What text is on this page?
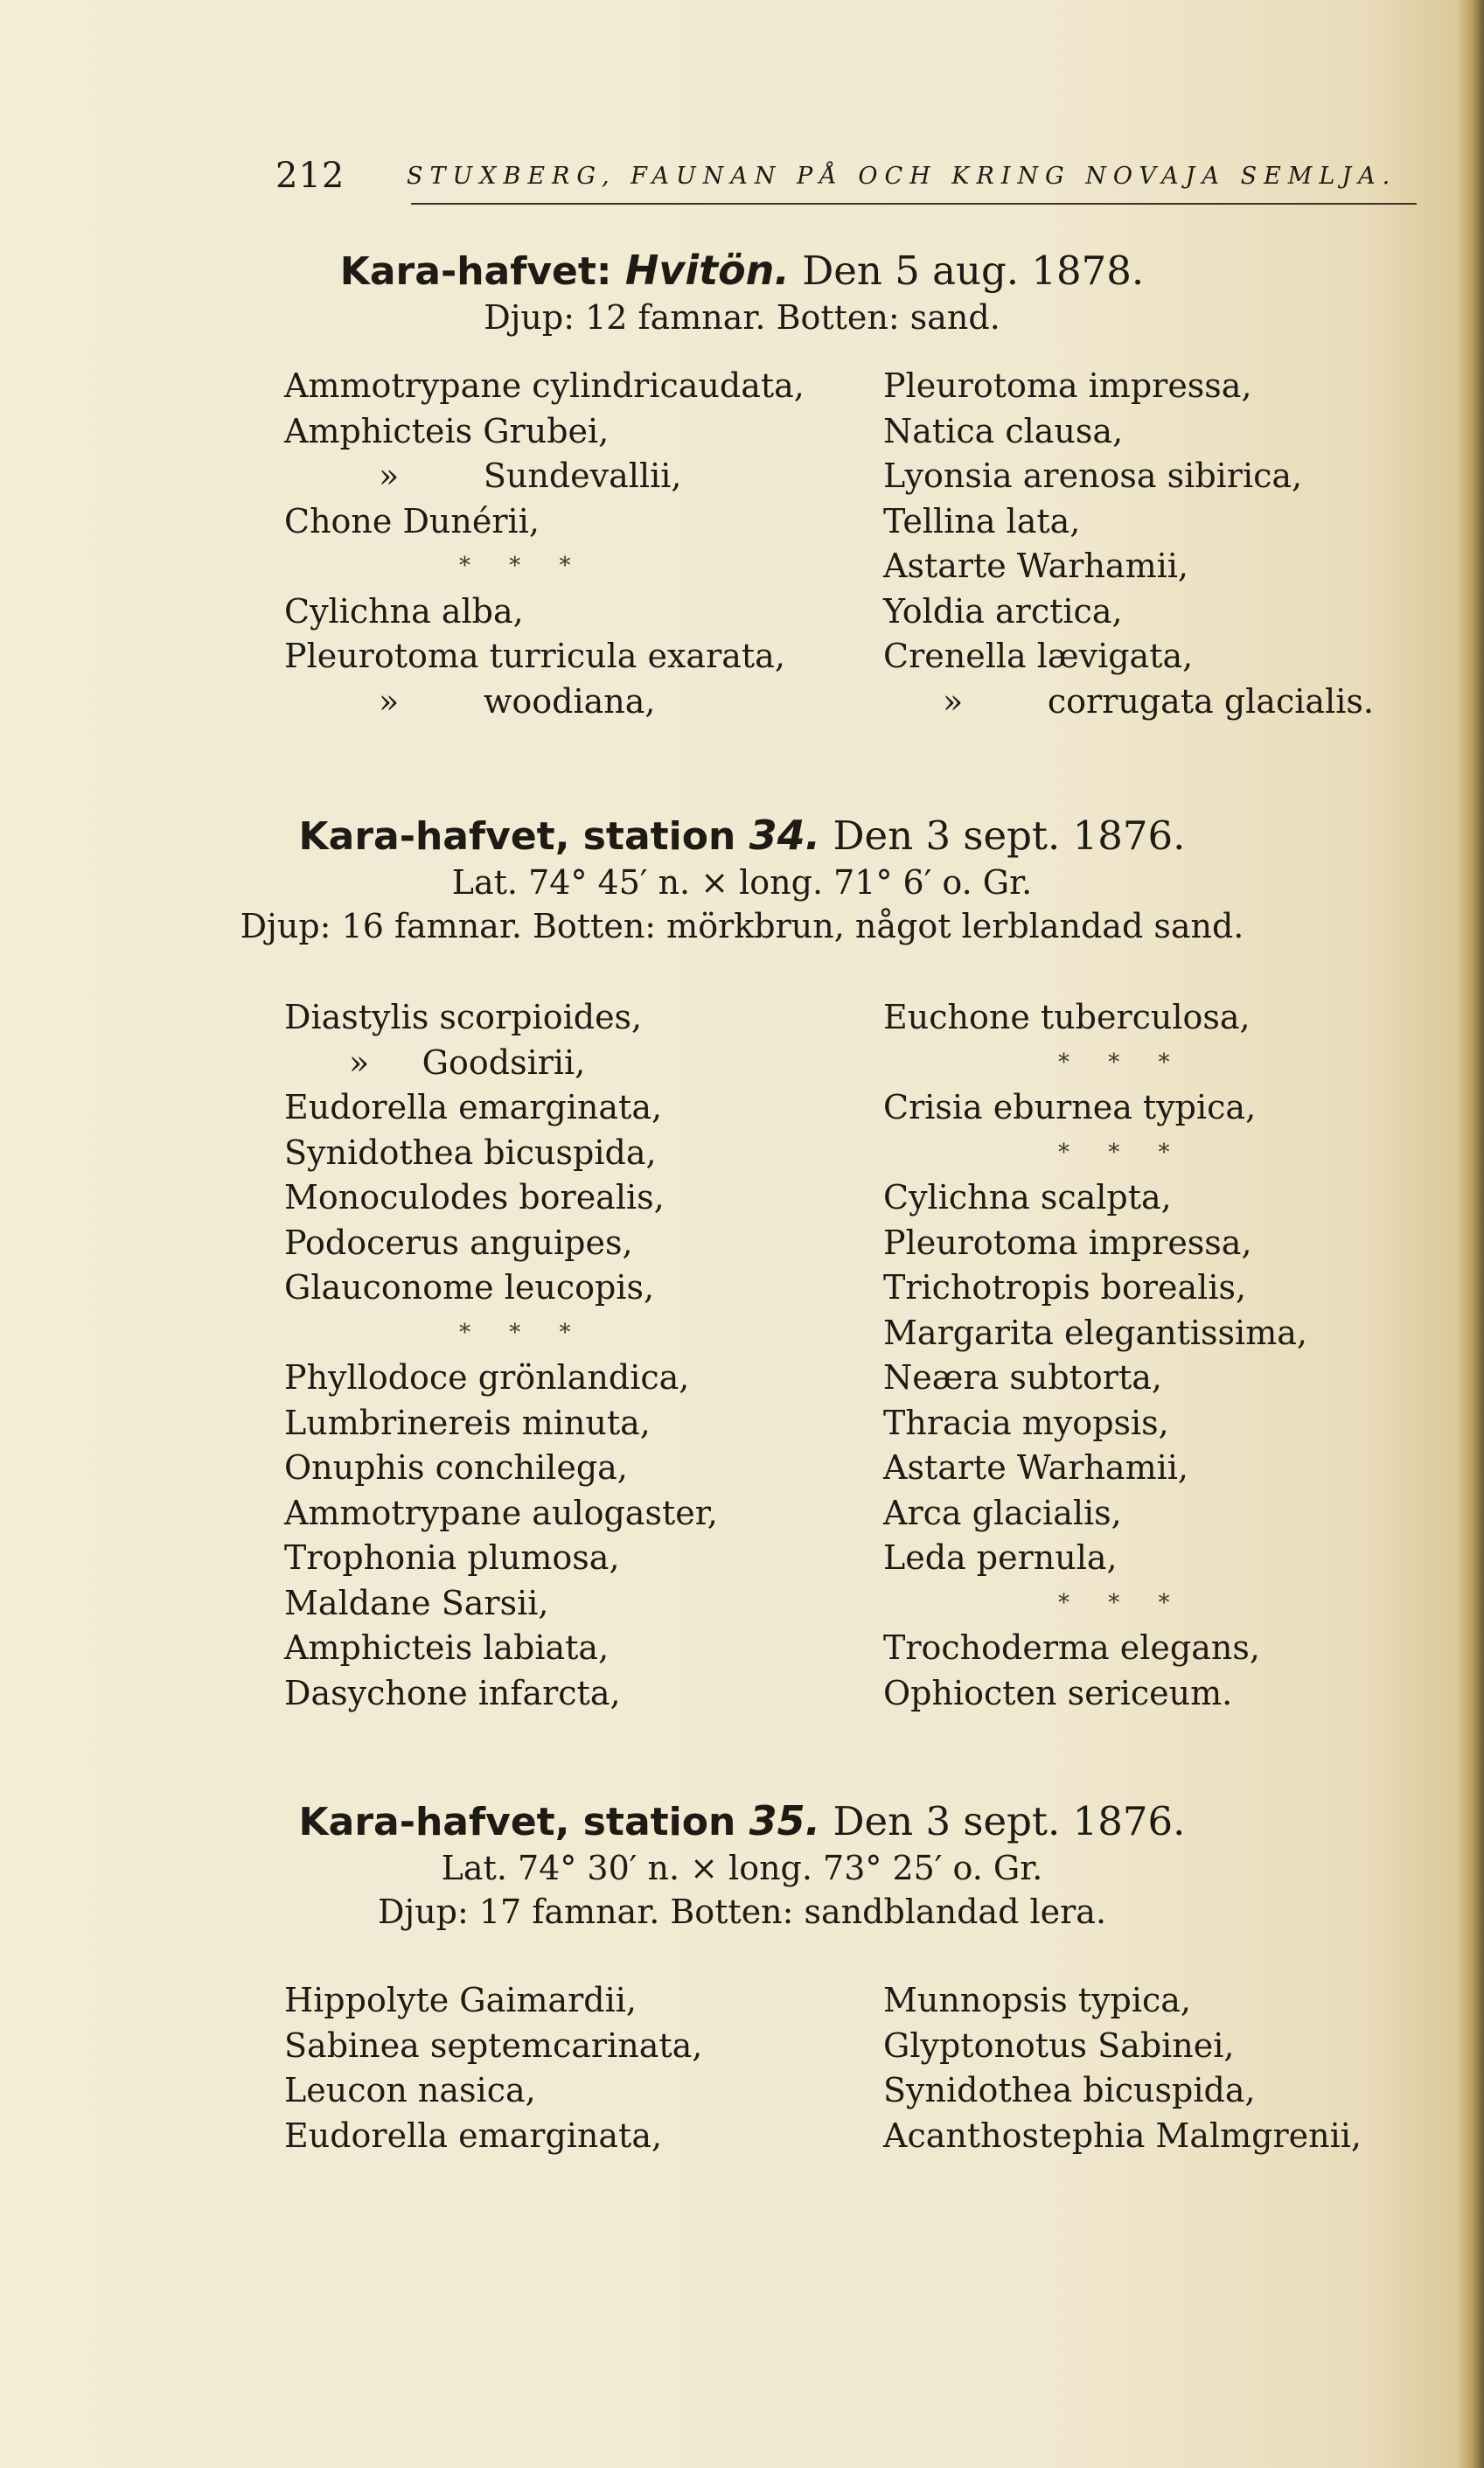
212	STUXBERG, FAUNAN PÅ OCH KRING NOVAJA SEMLJA.
Kara-hafvet: Hvitön. Den 5 aug. 1878.
Djup: 12 famnar. Botten: sand.
Ammotrypane cylindricaudata,
Amphicteis Grubei,
»        Sundevallii,
Chone Dunérii,
* * *
Cylichna alba,
Pleurotoma turricula exarata,
»        woodiana,
Pleurotoma impressa,
Natica clausa,
Lyonsia arenosa sibirica,
Tellina lata,
Astarte Warhamii,
Yoldia arctica,
Crenella lævigata,
»        corrugata glacialis.
Kara-hafvet, station 34. Den 3 sept. 1876.
Lat. 74° 45′ n. × long. 71° 6′ o. Gr.
Djup: 16 famnar. Botten: mörkbrun, något lerblandad sand.
Diastylis scorpioides,
»     Goodsirii,
Eudorella emarginata,
Synidothea bicuspida,
Monoculodes borealis,
Podocerus anguipes,
Glauconome leucopis,
* * *
Phyllodoce grönlandica,
Lumbrinereis minuta,
Onuphis conchilega,
Ammotrypane aulogaster,
Trophonia plumosa,
Maldane Sarsii,
Amphicteis labiata,
Dasychone infarcta,
Euchone tuberculosa,
* * *
Crisia eburnea typica,
* * *
Cylichna scalpta,
Pleurotoma impressa,
Trichotropis borealis,
Margarita elegantissima,
Neæra subtorta,
Thracia myopsis,
Astarte Warhamii,
Arca glacialis,
Leda pernula,
* * *
Trochoderma elegans,
Ophiocten sericeum.
Kara-hafvet, station 35. Den 3 sept. 1876.
Lat. 74° 30′ n. × long. 73° 25′ o. Gr.
Djup: 17 famnar. Botten: sandblandad lera.
Hippolyte Gaimardii,
Sabinea septemcarinata,
Leucon nasica,
Eudorella emarginata,
Munnopsis typica,
Glyptonotus Sabinei,
Synidothea bicuspida,
Acanthostephia Malmgrenii,
